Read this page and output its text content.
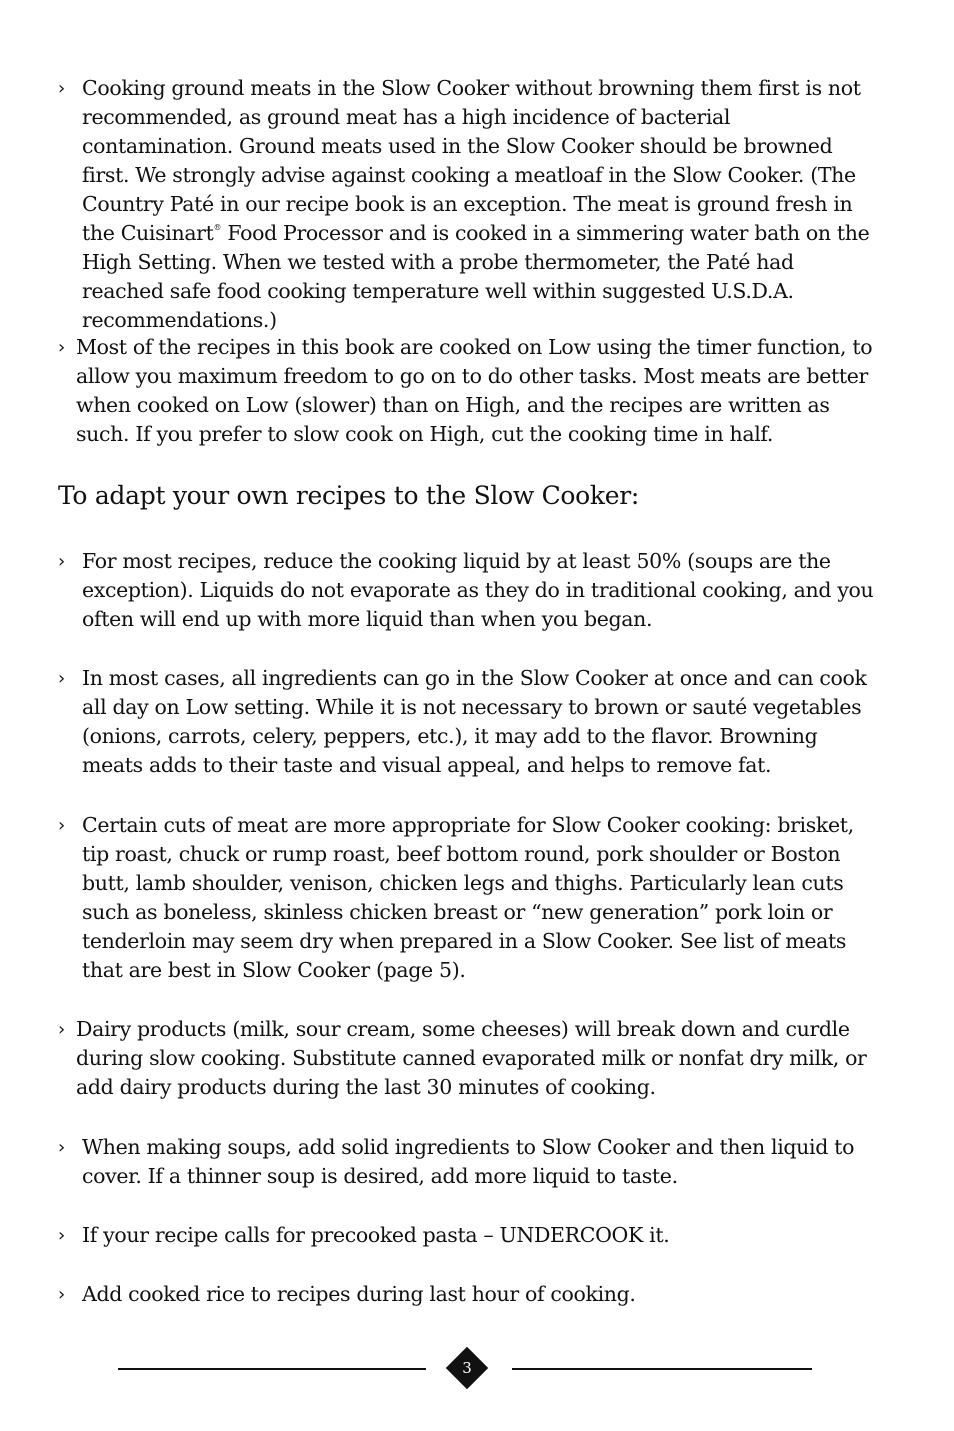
› Cooking ground meats in the Slow Cooker without browning them first is not recommended, as ground meat has a high incidence of bacterial contamination. Ground meats used in the Slow Cooker should be browned first. We strongly advise against cooking a meatloaf in the Slow Cooker. (The Country Paté in our recipe book is an exception. The meat is ground fresh in the Cuisinart® Food Processor and is cooked in a simmering water bath on the High Setting. When we tested with a probe thermometer, the Paté had reached safe food cooking temperature well within suggested U.S.D.A. recommendations.)
› Most of the recipes in this book are cooked on Low using the timer function, to allow you maximum freedom to go on to do other tasks. Most meats are better when cooked on Low (slower) than on High, and the recipes are written as such. If you prefer to slow cook on High, cut the cooking time in half.
To adapt your own recipes to the Slow Cooker:
› For most recipes, reduce the cooking liquid by at least 50% (soups are the exception). Liquids do not evaporate as they do in traditional cooking, and you often will end up with more liquid than when you began.
› In most cases, all ingredients can go in the Slow Cooker at once and can cook all day on Low setting. While it is not necessary to brown or sauté vegetables (onions, carrots, celery, peppers, etc.), it may add to the flavor. Browning meats adds to their taste and visual appeal, and helps to remove fat.
› Certain cuts of meat are more appropriate for Slow Cooker cooking: brisket, tip roast, chuck or rump roast, beef bottom round, pork shoulder or Boston butt, lamb shoulder, venison, chicken legs and thighs. Particularly lean cuts such as boneless, skinless chicken breast or “new generation” pork loin or tenderloin may seem dry when prepared in a Slow Cooker. See list of meats that are best in Slow Cooker (page 5).
› Dairy products (milk, sour cream, some cheeses) will break down and curdle during slow cooking. Substitute canned evaporated milk or nonfat dry milk, or add dairy products during the last 30 minutes of cooking.
› When making soups, add solid ingredients to Slow Cooker and then liquid to cover. If a thinner soup is desired, add more liquid to taste.
› If your recipe calls for precooked pasta – UNDERCOOK it.
› Add cooked rice to recipes during last hour of cooking.
3
